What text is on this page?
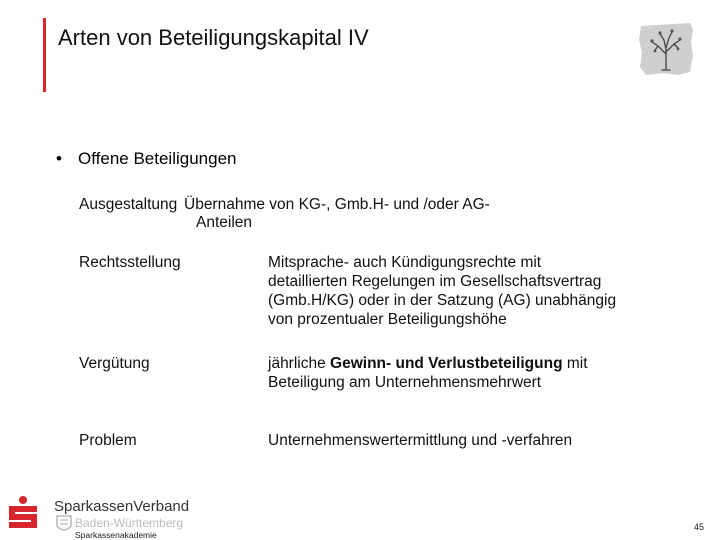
Arten von Beteiligungskapital IV
• Offene Beteiligungen
Ausgestaltung Übernahme von KG-, Gmb.H- und /oder AG-
Anteilen
Rechtsstellung	Mitsprache- auch Kündigungsrechte mit
detaillierten Regelungen im Gesellschaftsvertrag
(Gmb.H/KG) oder in der Satzung (AG) unabhängig
von prozentualer Beteiligungshöhe
Vergütung	jährliche Gewinn- und Verlustbeteiligung mit
Beteiligung am Unternehmensmehrwert
Problem	Unternehmenswertermittlung und -verfahren
SparkassenVerband
Baden-Württemberg
Sparkassenakademie
45
